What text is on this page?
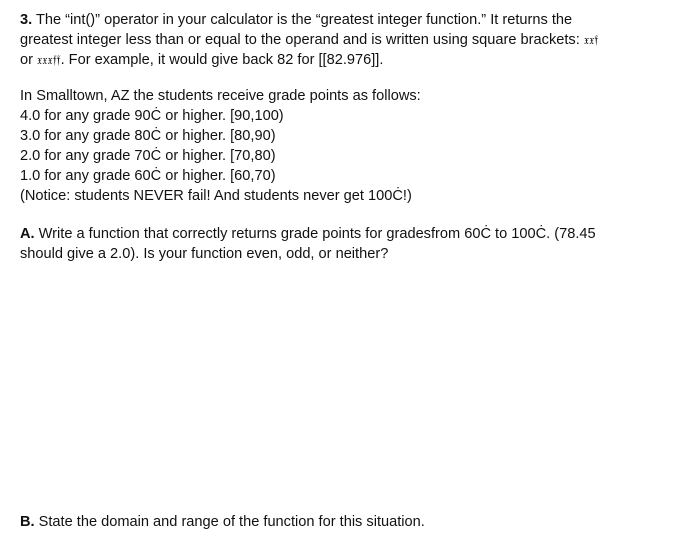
3. The “int()” operator in your calculator is the “greatest integer function.” It returns the
greatest integer less than or equal to the operand and is written using square brackets: 𝔵𝔵𝔣
or 𝔵𝔵𝔵𝔣𝔣. For example, it would give back 82 for [[82.976]].
In Smalltown, AZ the students receive grade points as follows:
4.0 for any grade 90Ċ or higher. [90,100)
3.0 for any grade 80Ċ or higher. [80,90)
2.0 for any grade 70Ċ or higher. [70,80)
1.0 for any grade 60Ċ or higher. [60,70)
(Notice: students NEVER fail! And students never get 100Ċ!)
A. Write a function that correctly returns grade points for gradesfrom 60Ċ to 100Ċ. (78.45
should give a 2.0). Is your function even, odd, or neither?
B. State the domain and range of the function for this situation.
